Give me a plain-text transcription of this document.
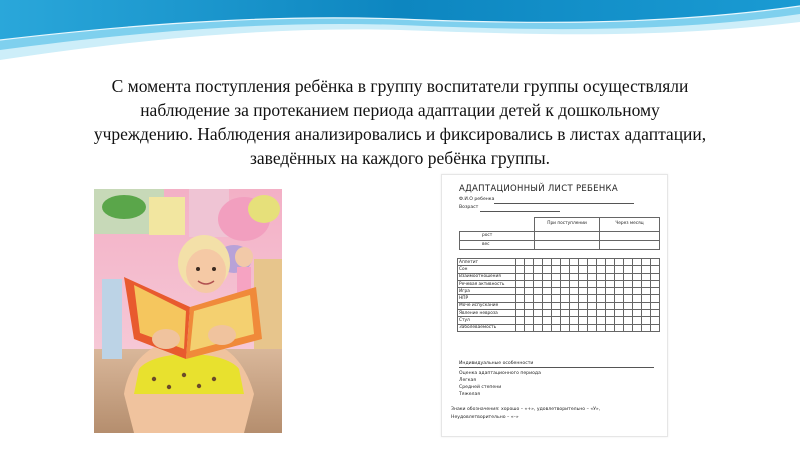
С момента поступления ребёнка в группу воспитатели группы осуществляли
наблюдение за протеканием периода адаптации детей к дошкольному
учреждению. Наблюдения анализировались и фиксировались в листах адаптации,
заведённых на каждого ребёнка группы.

АДАПТАЦИОННЫЙ ЛИСТ РЕБЕНКА
Ф.И.О ребенка
Возраст
	При поступлении	Через месяц
рост		
вес		
Аппетит																
Сон																
Взаимоотношения																
Речевая активность																
Игра																
НПР																
Моче испускание																
Явление невроза																
Стул																
Заболеваемость																
Индивидуальные особенности
Оценка адаптационного периода
Легкая
Средней степени
Тяжелая
Знаки обозначения: хорошо – «+», удовлетворительно – «У»,
Неудовлетворительно – «–»
